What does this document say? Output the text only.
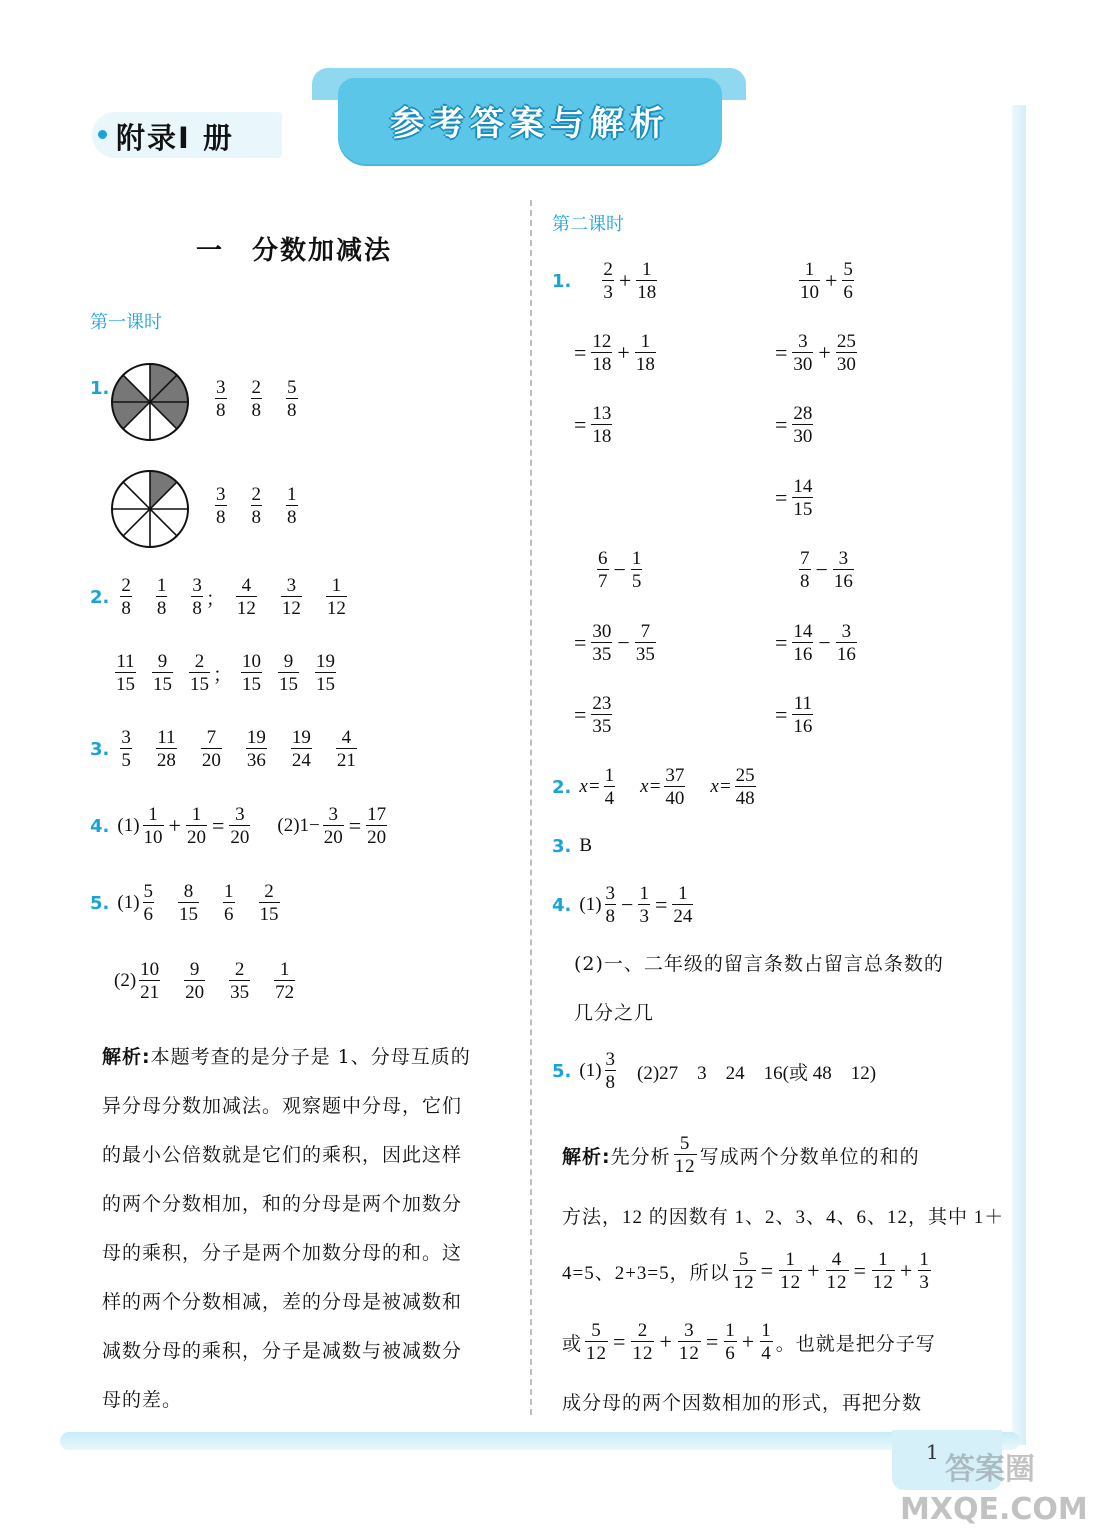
附录Ⅰ 册	参考答案与解析
一　分数加减法
第一课时
1.	$\frac{3}{8} \frac{2}{8} \frac{5}{8}$
$\frac{3}{8} \frac{2}{8} \frac{1}{8}$
2. $\frac{2}{8} \frac{1}{8} \frac{3}{8}$ ； $\frac{4}{12} \frac{3}{12} \frac{1}{12}$
$\frac{11}{15} \frac{9}{15} \frac{2}{15}$ ； $\frac{10}{15} \frac{9}{15} \frac{19}{15}$
3. $\frac{3}{5} \frac{11}{28} \frac{7}{20} \frac{19}{36} \frac{19}{24} \frac{4}{21}$
4. $(1) \frac{1}{10} + \frac{1}{20} = \frac{3}{20} (2)1- \frac{3}{20} = \frac{17}{20}$
5. $(1) \frac{5}{6} \frac{8}{15} \frac{1}{6} \frac{2}{15}$
$(2) \frac{10}{21} \frac{9}{20} \frac{2}{35} \frac{1}{72}$
解析:本题考查的是分子是 1、分母互质的
异分母分数加减法。观察题中分母，它们
的最小公倍数就是它们的乘积，因此这样
的两个分数相加，和的分母是两个加数分
母的乘积，分子是两个加数分母的和。这
样的两个分数相减，差的分母是被减数和
减数分母的乘积，分子是减数与被减数分
母的差。
第二课时
1. $\frac{2}{3} + \frac{1}{18}$
= $\frac{12}{18} + \frac{1}{18}$
= $\frac{13}{18}$
$\frac{1}{10} + \frac{5}{6}$
= $\frac{3}{30} + \frac{25}{30}$
= $\frac{28}{30}$
= $\frac{14}{15}$
$\frac{6}{7} - \frac{1}{5}$
= $\frac{30}{35} - \frac{7}{35}$
= $\frac{23}{35}$
$\frac{7}{8} - \frac{3}{16}$
= $\frac{14}{16} - \frac{3}{16}$
= $\frac{11}{16}$
2. $x= \frac{1}{4} x= \frac{37}{40} x= \frac{25}{48}$
3. B
4. $(1) \frac{3}{8} - \frac{1}{3} = \frac{1}{24}$
(2)一、二年级的留言条数占留言总条数的
几分之几
5. $(1) \frac{3}{8} (2)27$　3　24　16(或 48　12)
解析: 先分析 $\frac{5}{12}$ 写成两个分数单位的和的
方法，12 的因数有 1、2、3、4、6、12，其中 1＋
4=5、2+3=5，所以 $\frac{5}{12} = \frac{1}{12} + \frac{4}{12} = \frac{1}{12} + \frac{1}{3}$
或 $\frac{5}{12} = \frac{2}{12} + \frac{3}{12} = \frac{1}{6} + \frac{1}{4}$ 。也就是把分子写
成分母的两个因数相加的形式，再把分数
1 答案圈 MXQE.COM
